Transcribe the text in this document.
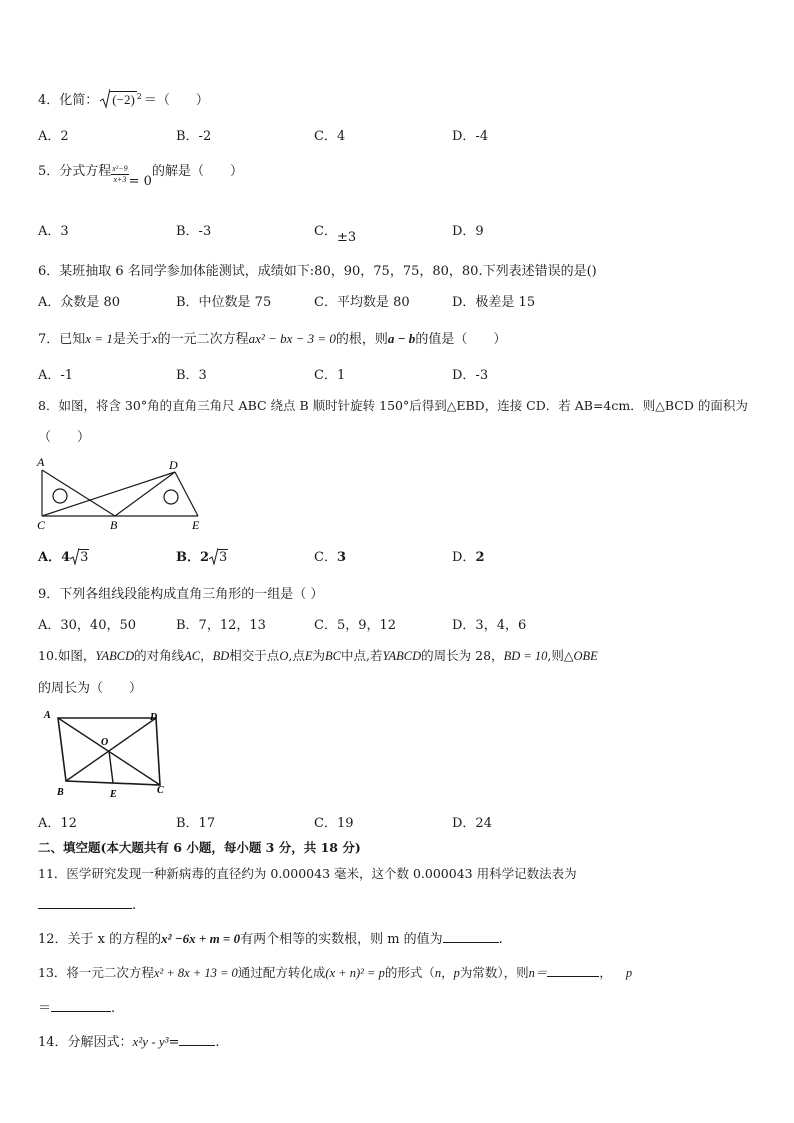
4．化简： (−2) $^2$ ＝（　　）
A．2	B．-2	C．4	D．-4
5．分式方程 $\frac{\text{x²−9}}{x+3} = 0$的解是（　　）
A．3	B．-3	C．±3	D．9
6．某班抽取 6 名同学参加体能测试，成绩如下:80，90，75，75，80，80.下列表述错误的是()
A．众数是 80	B．中位数是 75	C．平均数是 80	D．极差是 15
7．已知x = 1是关于x的一元二次方程ax² − bx − 3 = 0的根，则a − b的值是（　　）
A．-1	B．3	C．1	D．-3
8．如图，将含 30°角的直角三角尺 ABC 绕点 B 顺时针旋转 150°后得到△EBD，连接 CD．若 AB=4cm．则△BCD 的面积为
（　　）
A	D
C	B	E
A．4 3	B．2 3	C．3	D．2
9．下列各组线段能构成直角三角形的一组是（ ）
A．30，40，50	B．7，12，13	C．5，9，12	D．3，4，6
10.如图，YABCD的对角线AC，BD相交于点O,点E为BC中点,若YABCD的周长为 28，BD = 10,则△OBE
的周长为（　　）
A	D
O
B	E	C
A．12	B．17	C．19	D．24
二、填空题(本大题共有 6 小题，每小题 3 分，共 18 分)
11．医学研究发现一种新病毒的直径约为 0.000043 毫米，这个数 0.000043 用科学记数法表为
.
12．关于 x 的方程的x² −6x + m = 0有两个相等的实数根，则 m 的值为	.
13．将一元二次方程x² + 8x + 13 = 0通过配方转化成(x + n)² = p的形式（n，p为常数），则n＝	， p
＝	.
14．分解因式：x²y - y³=	.
